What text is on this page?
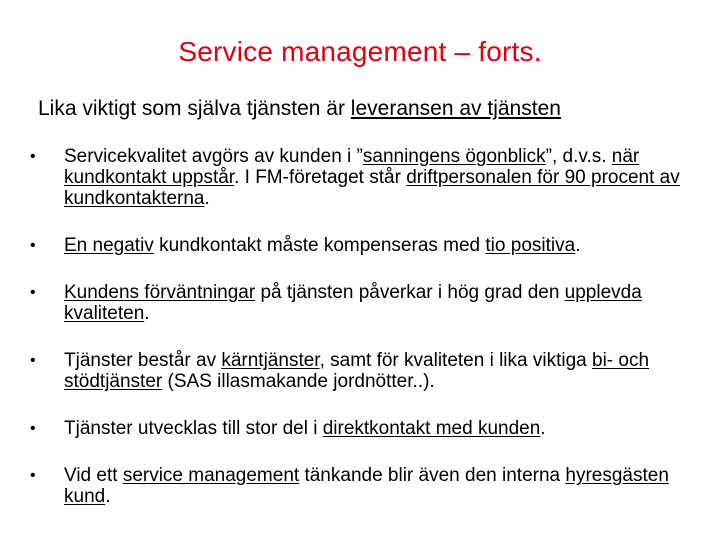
Service management – forts.
Lika viktigt som själva tjänsten är leveransen av tjänsten
• Servicekvalitet avgörs av kunden i ”sanningens ögonblick”, d.v.s. när kundkontakt uppstår. I FM-företaget står driftpersonalen för 90 procent av kundkontakterna.
• En negativ kundkontakt måste kompenseras med tio positiva.
• Kundens förväntningar på tjänsten påverkar i hög grad den upplevda kvaliteten.
• Tjänster består av kärntjänster, samt för kvaliteten i lika viktiga bi- och stödtjänster (SAS illasmakande jordnötter..).
• Tjänster utvecklas till stor del i direktkontakt med kunden.
• Vid ett service management tänkande blir även den interna hyresgästen kund.
